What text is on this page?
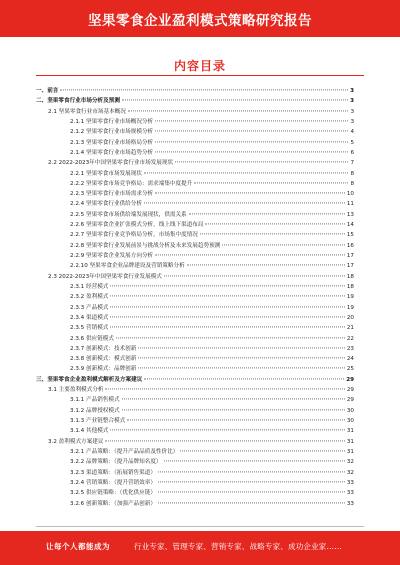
坚果零食企业盈利模式策略研究报告
内容目录
一、前言	3
二、坚果零食行业市场分析及预测	3
2.1 坚果零食行业市场基本概况	3
2.1.1 坚果零食行业市场概况分析	3
2.1.2 坚果零食行业市场规模分析	4
2.1.3 坚果零食行业市场格局分析	5
2.1.4 坚果零食行业市场趋势分析	6
2.2 2022-2023年中国坚果零食行业市场发展现状	7
2.2.1 坚果零食市场发展现状	8
2.2.2 坚果零食市场竞争格局：需求端集中度提升	8
2.2.3 坚果零食行业市场需求分析	10
2.2.4 坚果零食行业供给分析	11
2.2.5 坚果零食市场供给端发展现状，供需关系	13
2.2.6 坚果零食企业扩张模式分析，线上线下渠道布局	14
2.2.7 坚果零食行业竞争格局分析，市场集中度情况	15
2.2.8 坚果零食行业发展前景与挑战分析及未来发展趋势预测	16
2.2.9 坚果零食企业发展方向分析	17
2.2.10 坚果零食企业品牌建设及营销策略分析	17
2.3 2022-2023年中国坚果零食行业发展模式	18
2.3.1 经营模式	18
2.3.2 盈利模式	19
2.3.3 产品模式	19
2.3.4 渠道模式	20
2.3.5 营销模式	21
2.3.6 供应链模式	22
2.3.7 创新模式：技术创新	23
2.3.8 创新模式：模式创新	24
2.3.9 创新模式：品牌创新	25
三、坚果零食企业盈利模式解析及方案建议	29
3.1 主要盈利模式分析	29
3.1.1 产品销售模式	29
3.1.2 品牌授权模式	30
3.1.3 产业链整合模式	30
3.1.4 其他模式	31
3.2 盈利模式方案建议	31
3.2.1 产品策略：（提升产品品质及性价比）	31
3.2.2 品牌策略：（提升品牌知名度）	32
3.2.3 渠道策略：（拓展销售渠道）	32
3.2.4 营销策略：（提升营销效率）	33
3.2.5 供应链策略：（优化供应链）	33
3.2.6 创新策略：（加强产品创新）	33
让每个人都能成为	行业专家、管理专家、营销专家、战略专家、成功企业家……
